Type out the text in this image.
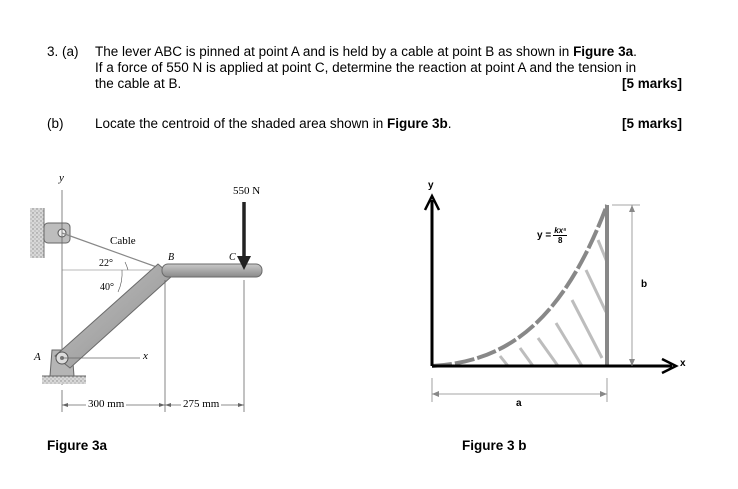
3. (a) The lever ABC is pinned at point A and is held by a cable at point B as shown in Figure 3a.
If a force of 550 N is applied at point C, determine the reaction at point A and the tension in
the cable at B.	[5 marks]
(b) Locate the centroid of the shaded area shown in Figure 3b.	[5 marks]
y
550 N
Cable
22°
40°
B	C
A	x
300 mm	275 mm
Figure 3a
y
x
$y = \frac{\text{kx⁵}}{8}$
b
a
Figure 3 b
